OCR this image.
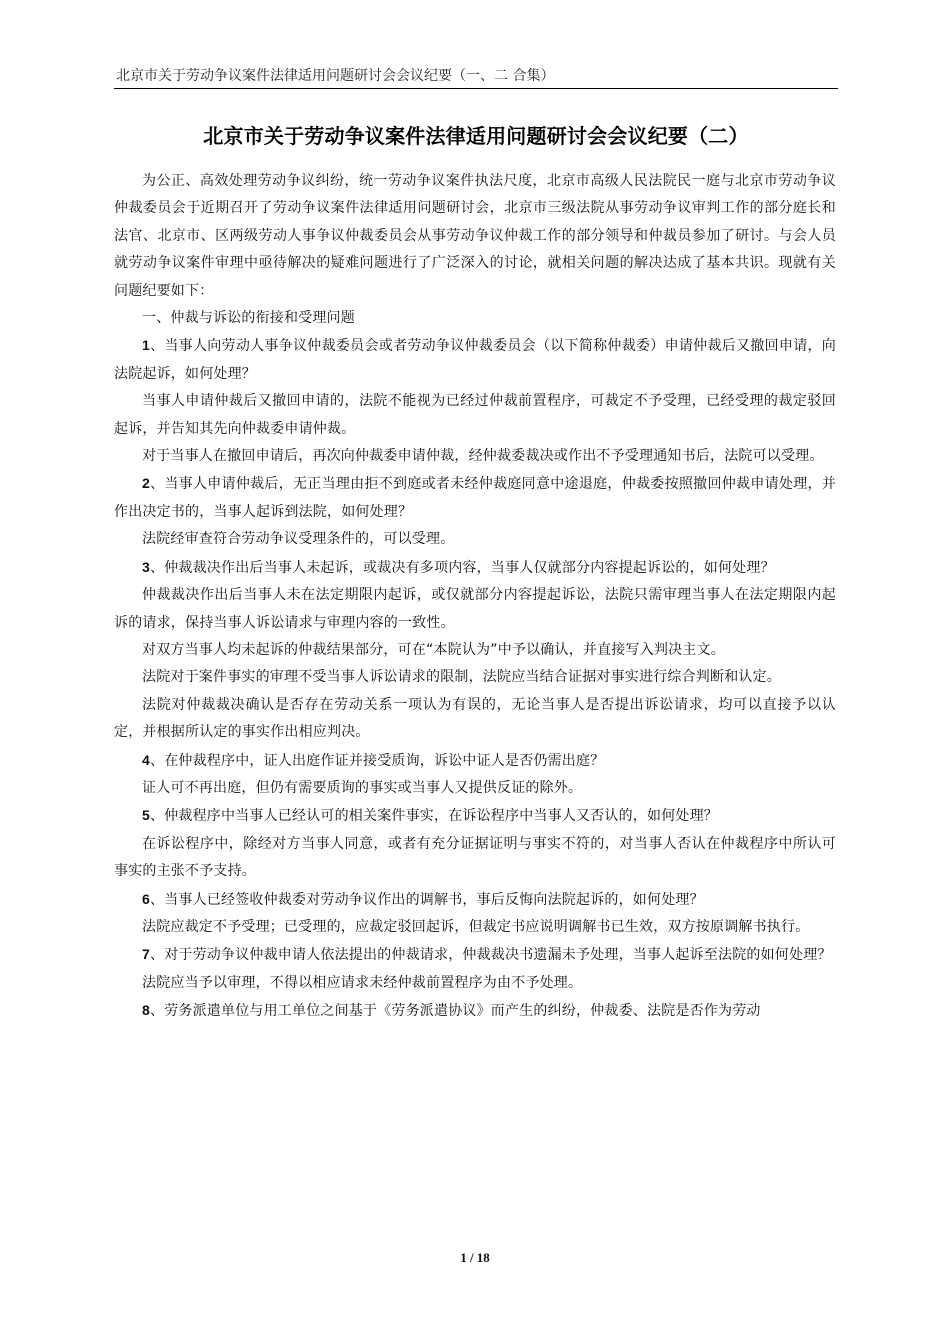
北京市关于劳动争议案件法律适用问题研讨会会议纪要（一、二 合集）
北京市关于劳动争议案件法律适用问题研讨会会议纪要（二）

为公正、高效处理劳动争议纠纷，统一劳动争议案件执法尺度，北京市高级人民法院民一庭与北京市劳动争议仲裁委员会于近期召开了劳动争议案件法律适用问题研讨会，北京市三级法院从事劳动争议审判工作的部分庭长和法官、北京市、区两级劳动人事争议仲裁委员会从事劳动争议仲裁工作的部分领导和仲裁员参加了研讨。与会人员就劳动争议案件审理中亟待解决的疑难问题进行了广泛深入的讨论，就相关问题的解决达成了基本共识。现就有关问题纪要如下：

一、仲裁与诉讼的衔接和受理问题

1、当事人向劳动人事争议仲裁委员会或者劳动争议仲裁委员会（以下简称仲裁委）申请仲裁后又撤回申请，向法院起诉，如何处理？

当事人申请仲裁后又撤回申请的，法院不能视为已经过仲裁前置程序，可裁定不予受理，已经受理的裁定驳回起诉，并告知其先向仲裁委申请仲裁。

对于当事人在撤回申请后，再次向仲裁委申请仲裁，经仲裁委裁决或作出不予受理通知书后，法院可以受理。

2、当事人申请仲裁后，无正当理由拒不到庭或者未经仲裁庭同意中途退庭，仲裁委按照撤回仲裁申请处理，并作出决定书的，当事人起诉到法院，如何处理？

法院经审查符合劳动争议受理条件的，可以受理。

3、仲裁裁决作出后当事人未起诉，或裁决有多项内容，当事人仅就部分内容提起诉讼的，如何处理？

仲裁裁决作出后当事人未在法定期限内起诉，或仅就部分内容提起诉讼，法院只需审理当事人在法定期限内起诉的请求，保持当事人诉讼请求与审理内容的一致性。

对双方当事人均未起诉的仲裁结果部分，可在“本院认为”中予以确认，并直接写入判决主文。

法院对于案件事实的审理不受当事人诉讼请求的限制，法院应当结合证据对事实进行综合判断和认定。

法院对仲裁裁决确认是否存在劳动关系一项认为有误的，无论当事人是否提出诉讼请求，均可以直接予以认定，并根据所认定的事实作出相应判决。

4、在仲裁程序中，证人出庭作证并接受质询，诉讼中证人是否仍需出庭？

证人可不再出庭，但仍有需要质询的事实或当事人又提供反证的除外。

5、仲裁程序中当事人已经认可的相关案件事实，在诉讼程序中当事人又否认的，如何处理？

在诉讼程序中，除经对方当事人同意，或者有充分证据证明与事实不符的，对当事人否认在仲裁程序中所认可事实的主张不予支持。

6、当事人已经签收仲裁委对劳动争议作出的调解书，事后反悔向法院起诉的，如何处理？

法院应裁定不予受理；已受理的，应裁定驳回起诉，但裁定书应说明调解书已生效，双方按原调解书执行。

7、对于劳动争议仲裁申请人依法提出的仲裁请求，仲裁裁决书遗漏未予处理，当事人起诉至法院的如何处理？

法院应当予以审理，不得以相应请求未经仲裁前置程序为由不予处理。

8、劳务派遣单位与用工单位之间基于《劳务派遣协议》而产生的纠纷，仲裁委、法院是否作为劳动

1 / 18
